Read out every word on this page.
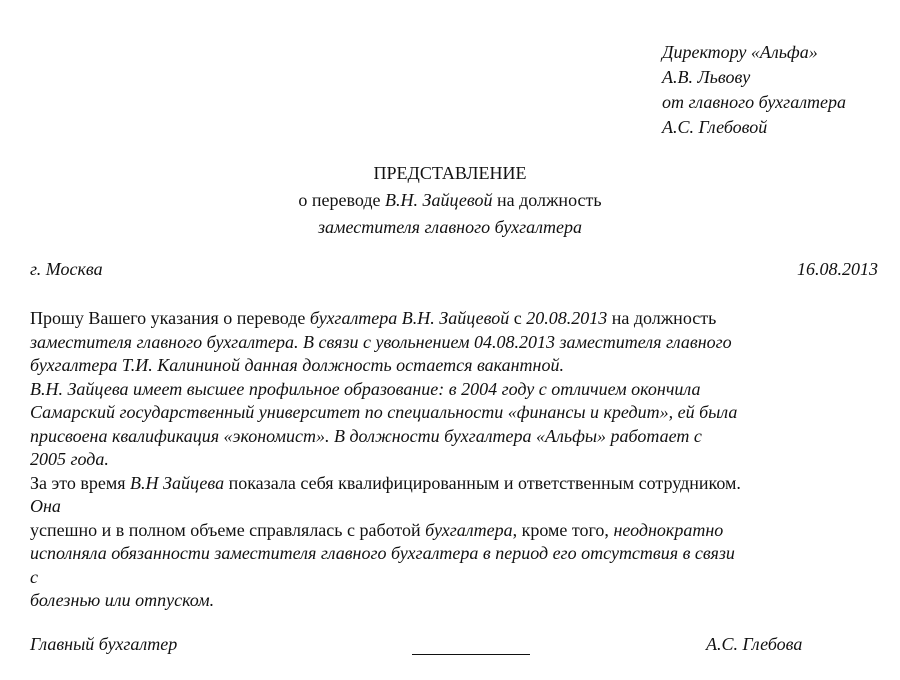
Директору «Альфа»
А.В. Львову
от главного бухгалтера
А.С. Глебовой
ПРЕДСТАВЛЕНИЕ
о переводе В.Н. Зайцевой на должность
заместителя главного бухгалтера
г. Москва	16.08.2013
Прошу Вашего указания о переводе бухгалтера В.Н. Зайцевой с 20.08.2013 на должность
заместителя главного бухгалтера. В связи с увольнением 04.08.2013 заместителя главного
бухгалтера Т.И. Калининой данная должность остается вакантной.
В.Н. Зайцева имеет высшее профильное образование: в 2004 году с отличием окончила
Самарский государственный университет по специальности «финансы и кредит», ей была
присвоена квалификация «экономист». В должности бухгалтера «Альфы» работает с
2005 года.
За это время В.Н Зайцева показала себя квалифицированным и ответственным сотрудником.
Она
успешно и в полном объеме справлялась с работой бухгалтера, кроме того, неоднократно
исполняла обязанности заместителя главного бухгалтера в период его отсутствия в связи
с
болезнью или отпуском.
Главный бухгалтер	А.С. Глебова
